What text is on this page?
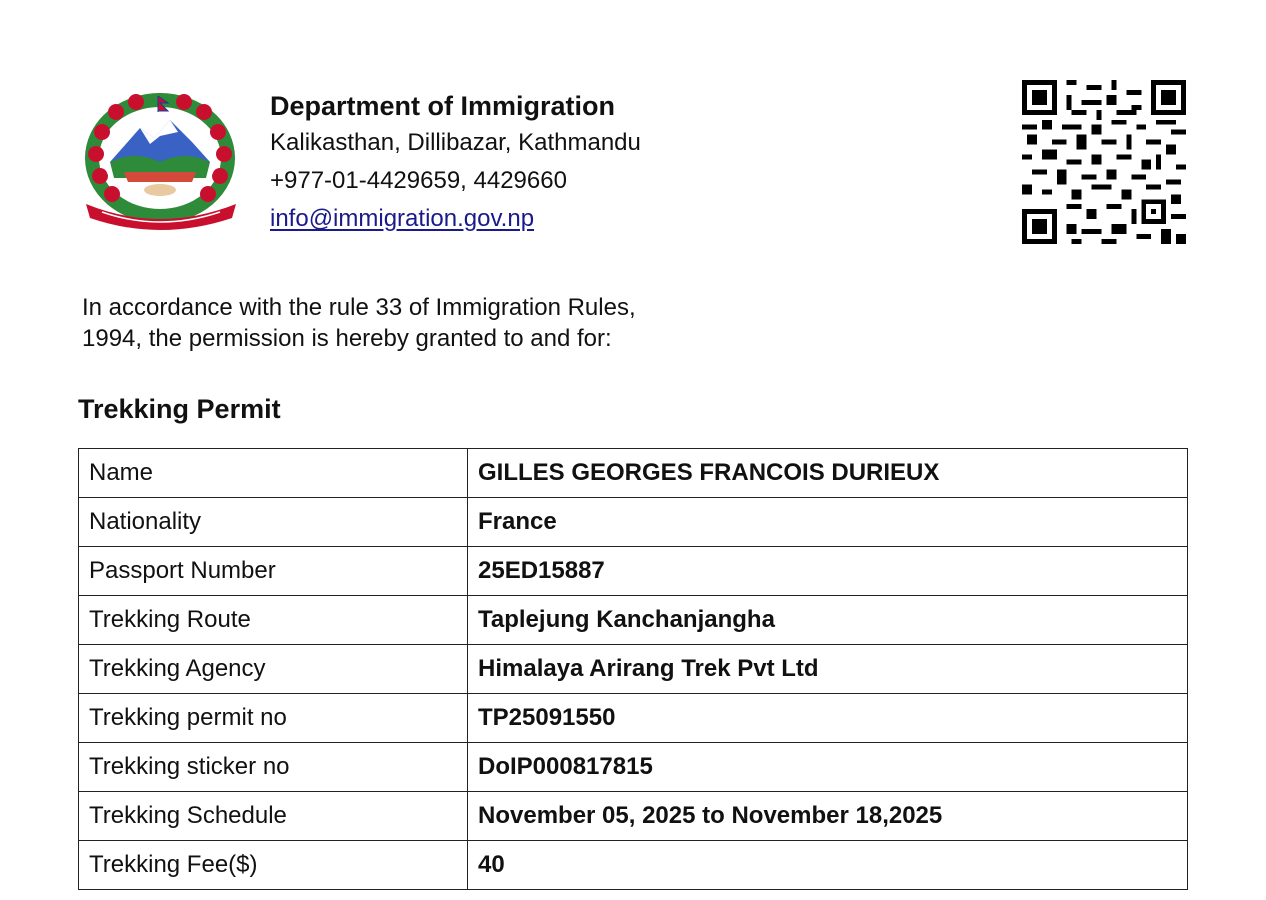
Department of Immigration
Kalikasthan, Dillibazar, Kathmandu
+977-01-4429659, 4429660
info@immigration.gov.np
In accordance with the rule 33 of Immigration Rules,
1994, the permission is hereby granted to and for:
Trekking Permit
Name	GILLES GEORGES FRANCOIS DURIEUX
Nationality	France
Passport Number	25ED15887
Trekking Route	Taplejung Kanchanjangha
Trekking Agency	Himalaya Arirang Trek Pvt Ltd
Trekking permit no	TP25091550
Trekking sticker no	DoIP000817815
Trekking Schedule	November 05, 2025 to November 18,2025
Trekking Fee($)	40
